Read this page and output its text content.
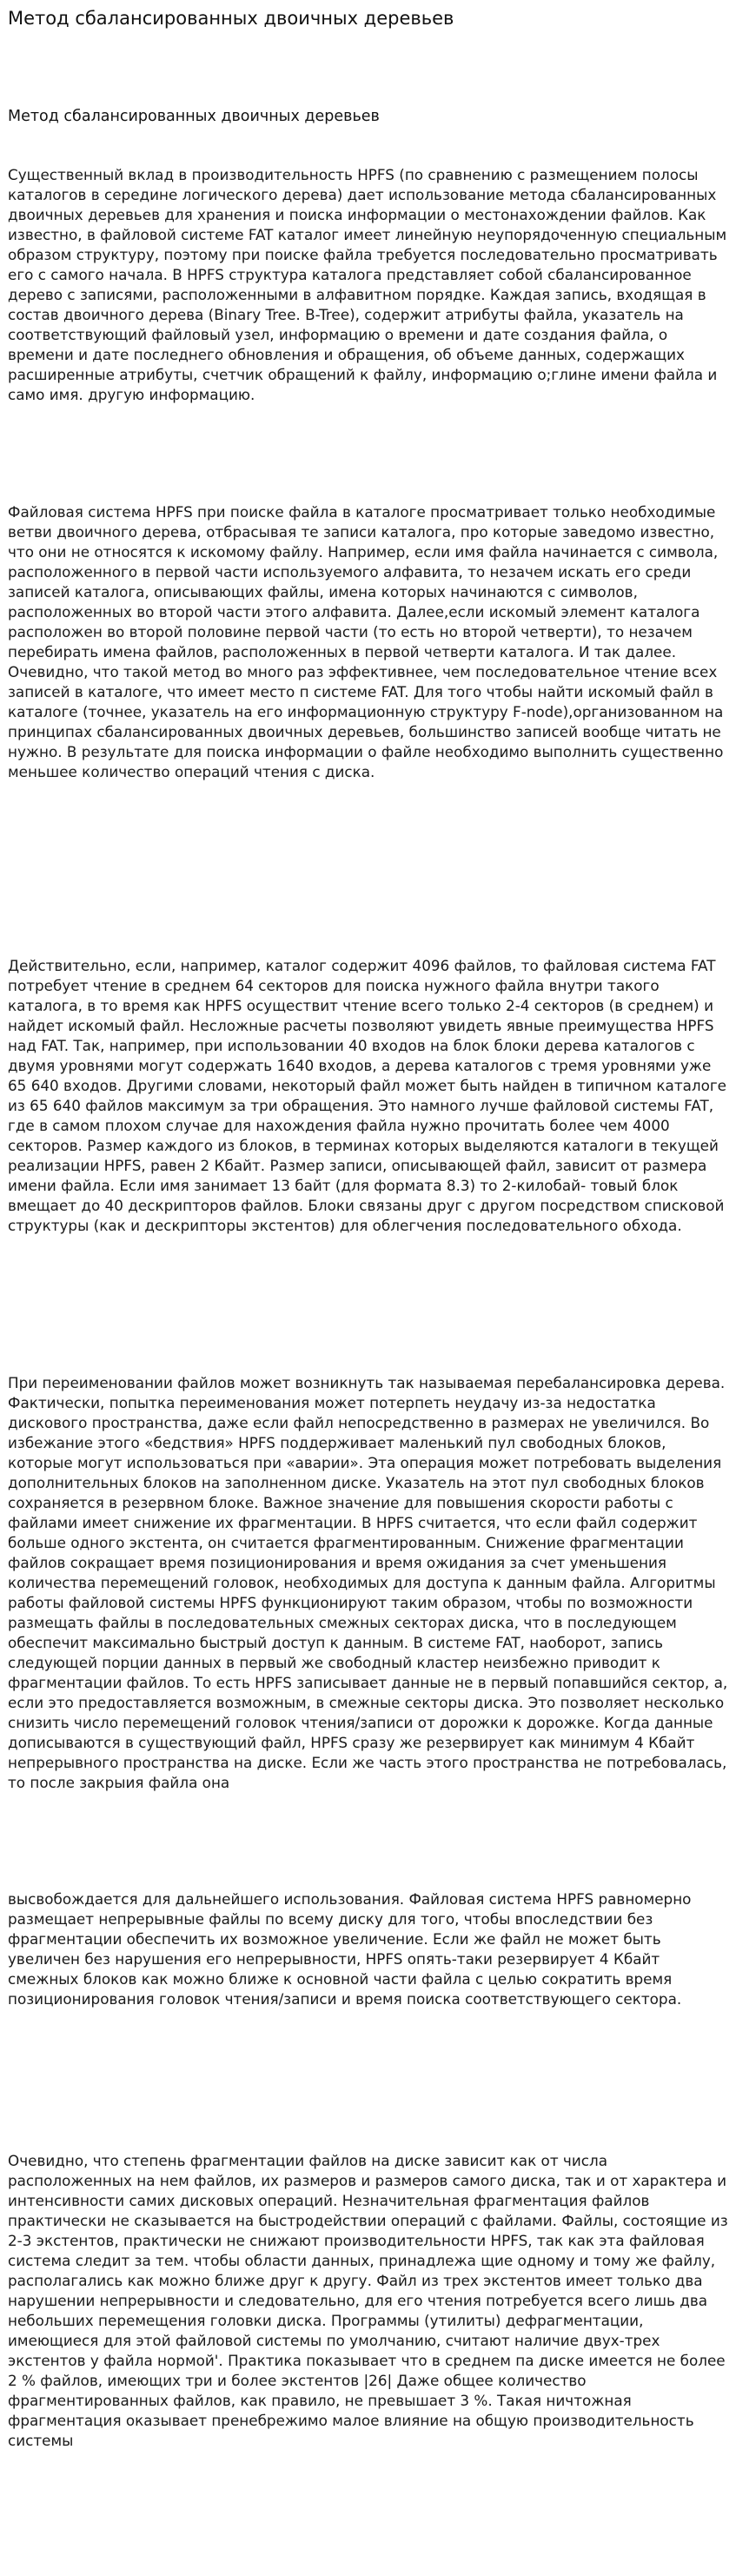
Метод сбалансированных двоичных деревьев

Метод сбалансированных двоичных деревьев

Существенный вклад в производительность HPFS (по сравнению с размещением полосы каталогов в середине логического дерева) дает использование метода сбалансированных двоичных деревьев для хранения и поиска информации о местонахождении файлов. Как известно, в файловой системе FAT каталог имеет линейную неупорядоченную специальным образом структуру, поэтому при поиске файла требуется последовательно просматривать его с самого начала. В HPFS структура каталога представляет собой сбалансированное дерево с записями, расположенными в алфавитном порядке. Каждая запись, входящая в состав двоичного дерева (Binary Tree. B-Tree), содержит атрибуты файла, указатель на соответствующий файловый узел, информацию о времени и дате создания файла, о времени и дате последнего обновления и обращения, об объеме данных, содержащих расширенные атрибуты, счетчик обращений к файлу, информацию о;глине имени файла и само имя. другую информацию.

Файловая система HPFS при поиске файла в каталоге просматривает только необходимые ветви двоичного дерева, отбрасывая те записи каталога, про которые заведомо известно, что они не относятся к искомому файлу. Например, если имя файла начинается с символа, расположенного в первой части используемого алфавита, то незачем искать его среди записей каталога, описывающих файлы, имена которых начинаются с символов, расположенных во второй части этого алфавита. Далее,если искомый элемент каталога расположен во второй половине первой части (то есть но второй четверти), то незачем перебирать имена файлов, расположенных в первой четверти каталога. И так далее. Очевидно, что такой метод во много раз эффективнее, чем последовательное чтение всех записей в каталоге, что имеет место п системе FAT. Для того чтобы найти искомый файл в каталоге (точнее, указатель на его информационную структуру F-node),организованном на принципах сбалансированных двоичных деревьев, большинство записей вообще читать не нужно. В результате для поиска информации о файле необходимо выполнить существенно меньшее количество операций чтения с диска.

Действительно, если, например, каталог содержит 4096 файлов, то файловая система FAT потребует чтение в среднем 64 секторов для поиска нужного файла внутри такого каталога, в то время как HPFS осуществит чтение всего только 2-4 секторов (в среднем) и найдет искомый файл. Несложные расчеты позволяют увидеть явные преимущества HPFS над FAT. Так, например, при использовании 40 входов на блок блоки дерева каталогов с двумя уровнями могут содержать 1640 входов, а дерева каталогов с тремя уровнями уже 65 640 входов. Другими словами, некоторый файл может быть найден в типичном каталоге из 65 640 файлов максимум за три обращения. Это намного лучше файловой системы FAT, где в самом плохом случае для нахождения файла нужно прочитать более чем 4000 секторов. Размер каждого из блоков, в терминах которых выделяются каталоги в текущей реализации HPFS, равен 2 Кбайт. Размер записи, описывающей файл, зависит от размера имени файла. Если имя занимает 13 байт (для формата 8.3) то 2-килобай- товый блок вмещает до 40 дескрипторов файлов. Блоки связаны друг с другом посредством списковой структуры (как и дескрипторы экстентов) для облегчения последовательного обхода.

При переименовании файлов может возникнуть так называемая перебалансировка дерева. Фактически, попытка переименования может потерпеть неудачу из-за недостатка дискового пространства, даже если файл непосредственно в размерах не увеличился. Во избежание этого «бедствия» HPFS поддерживает маленький пул свободных блоков, которые могут использоваться при «аварии». Эта операция может потребовать выделения дополнительных блоков на заполненном диске. Указатель на этот пул свободных блоков сохраняется в резервном блоке. Важное значение для повышения скорости работы с файлами имеет снижение их фрагментации. В HPFS считается, что если файл содержит больше одного экстента, он считается фрагментированным. Снижение фрагментации файлов сокращает время позиционирования и время ожидания за счет уменьшения количества перемещений головок, необходимых для доступа к данным файла. Алгоритмы работы файловой системы HPFS функционируют таким образом, чтобы по возможности размещать файлы в последовательных смежных секторах диска, что в последующем обеспечит максимально быстрый доступ к данным. В системе FAT, наоборот, запись следующей порции данных в первый же свободный кластер неизбежно приводит к фрагментации файлов. То есть HPFS записывает данные не в первый попавшийся сектор, а, если это предоставляется возможным, в смежные секторы диска. Это позволяет несколько снизить число перемещений головок чтения/записи от дорожки к дорожке. Когда данные дописываются в существующий файл, HPFS сразу же резервирует как минимум 4 Кбайт непрерывного пространства на диске. Если же часть этого пространства не потребовалась, то после закрыия файла она

высвобождается для дальнейшего использования. Файловая система HPFS равномерно размещает непрерывные файлы по всему диску для того, чтобы впоследствии без фрагментации обеспечить их возможное увеличение. Если же файл не может быть увеличен без нарушения его непрерывности, HPFS опять-таки резервирует 4 Кбайт смежных блоков как можно ближе к основной части файла с целью сократить время позиционирования головок чтения/записи и время поиска соответствующего сектора.

Очевидно, что степень фрагментации файлов на диске зависит как от числа расположенных на нем файлов, их размеров и размеров самого диска, так и от характера и интенсивности самих дисковых операций. Незначительная фрагментация файлов практически не сказывается на быстродействии операций с файлами. Файлы, состоящие из 2-3 экстентов, практически не снижают производительности HPFS, так как эта файловая система следит за тем. чтобы области данных, принадлежа щие одному и тому же файлу, располагались как можно ближе друг к другу. Файл из трех экстентов имеет только два нарушении непрерывности и следовательно, для его чтения потребуется всего лишь два небольших перемещения головки диска. Программы (утилиты) дефрагментации, имеющиеся для этой файловой системы по умолчанию, считают наличие двух-трех экстентов у файла нормой'. Практика показывает что в среднем па диске имеется не более 2 % файлов, имеющих три и более экстентов |26| Даже общее количество фрагментированных файлов, как правило, не превышает 3 %. Такая ничтожная фрагментация оказывает пренебрежимо малое влияние на общую производительность системы
